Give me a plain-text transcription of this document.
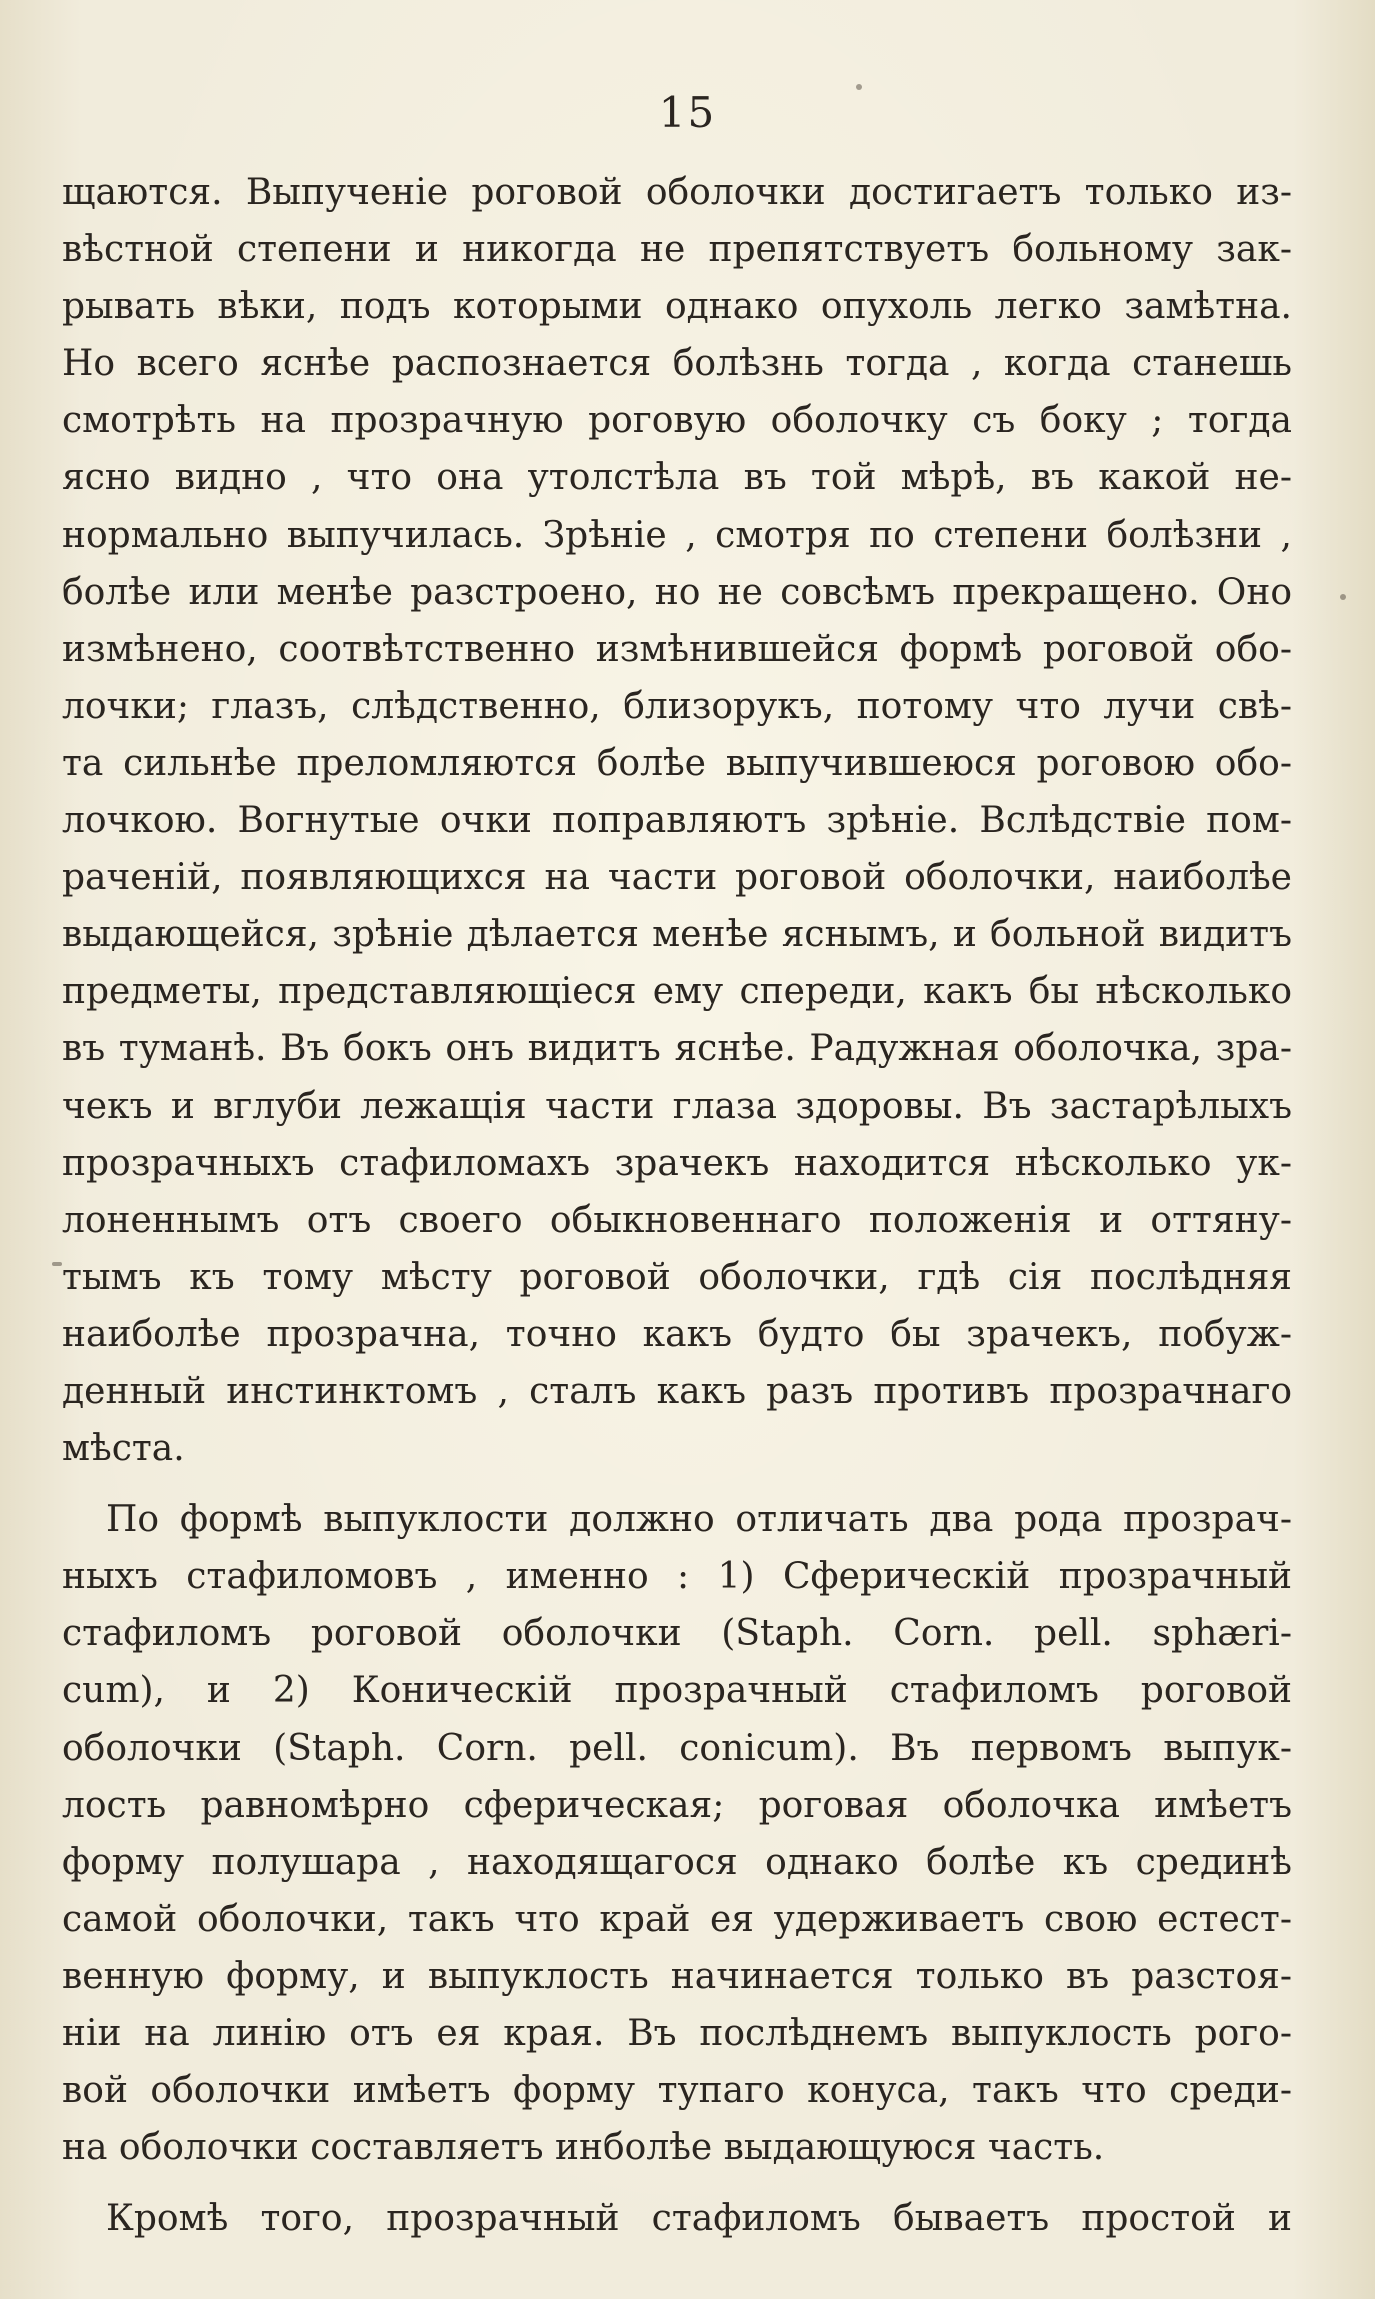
15
щаются. Выпученіе роговой оболочки достигаетъ только из-
вѣстной степени и никогда не препятствуетъ больному зак-
рывать вѣки, подъ которыми однако опухоль легко замѣтна.
Но всего яснѣе распознается болѣзнь тогда , когда станешь
смотрѣть на прозрачную роговую оболочку съ боку ; тогда
ясно видно , что она утолстѣла въ той мѣрѣ, въ какой не-
нормально выпучилась. Зрѣніе , смотря по степени болѣзни ,
болѣе или менѣе разстроено, но не совсѣмъ прекращено. Оно
измѣнено, соотвѣтственно измѣнившейся формѣ роговой обо-
лочки; глазъ, слѣдственно, близорукъ, потому что лучи свѣ-
та сильнѣе преломляются болѣе выпучившеюся роговою обо-
лочкою. Вогнутые очки поправляютъ зрѣніе. Вслѣдствіе пом-
раченій, появляющихся на части роговой оболочки, наиболѣе
выдающейся, зрѣніе дѣлается менѣе яснымъ, и больной видитъ
предметы, представляющіеся ему спереди, какъ бы нѣсколько
въ туманѣ. Въ бокъ онъ видитъ яснѣе. Радужная оболочка, зра-
чекъ и вглуби лежащія части глаза здоровы. Въ застарѣлыхъ
прозрачныхъ стафиломахъ зрачекъ находится нѣсколько ук-
лоненнымъ отъ своего обыкновеннаго положенія и оттяну-
тымъ къ тому мѣсту роговой оболочки, гдѣ сія послѣдняя
наиболѣе прозрачна, точно какъ будто бы зрачекъ, побуж-
денный инстинктомъ , сталъ какъ разъ противъ прозрачнаго
мѣста.
По формѣ выпуклости должно отличать два рода прозрач-
ныхъ стафиломовъ , именно : 1) Сферическій прозрачный
стафиломъ роговой оболочки (Staph. Corn. pell. sphæri-
cum), и 2) Коническій прозрачный стафиломъ роговой
оболочки (Staph. Corn. pell. conicum). Въ первомъ выпук-
лость равномѣрно сферическая; роговая оболочка имѣетъ
форму полушара , находящагося однако болѣе къ срединѣ
самой оболочки, такъ что край ея удерживаетъ свою естест-
венную форму, и выпуклость начинается только въ разстоя-
ніи на линію отъ ея края. Въ послѣднемъ выпуклость рого-
вой оболочки имѣетъ форму тупаго конуса, такъ что среди-
на оболочки составляетъ инболѣе выдающуюся часть.
Кромѣ того, прозрачный стафиломъ бываетъ простой и
